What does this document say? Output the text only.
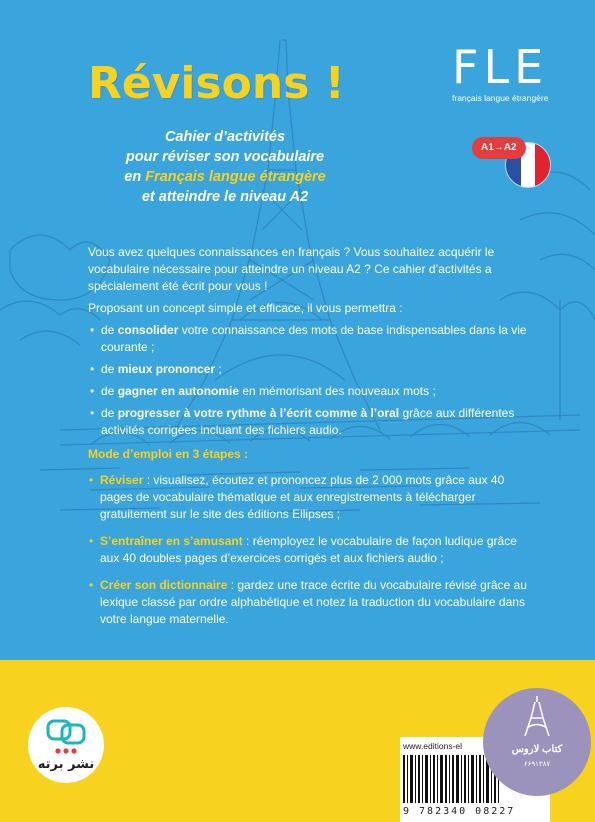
Révisons ! FLE
français langue étrangère
A1→A2
Cahier d’activités
pour réviser son vocabulaire
en Français langue étrangère
et atteindre le niveau A2

Vous avez quelques connaissances en français ? Vous souhaitez acquérir le vocabulaire nécessaire pour atteindre un niveau A2 ? Ce cahier d’activités a spécialement été écrit pour vous !

Proposant un concept simple et efficace, il vous permettra :

• de consolider votre connaissance des mots de base indispensables dans la vie courante ;
• de mieux prononcer ;
• de gagner en autonomie en mémorisant des nouveaux mots ;
• de progresser à votre rythme à l’écrit comme à l’oral grâce aux différentes activités corrigées incluant des fichiers audio.
Mode d’emploi en 3 étapes :
• Réviser : visualisez, écoutez et prononcez plus de 2 000 mots grâce aux 40 pages de vocabulaire thématique et aux enregistrements à télécharger gratuitement sur le site des éditions Ellipses ;
• S’entraîner en s’amusant : réemployez le vocabulaire de façon ludique grâce aux 40 doubles pages d’exercices corrigés et aux fichiers audio ;
• Créer son dictionnaire : gardez une trace écrite du vocabulaire révisé grâce au lexique classé par ordre alphabétique et notez la traduction du vocabulaire dans votre langue maternelle.
نشر برته
www.editions-el
9 782340 08227
کتاب لاروس
۶۶۹۱۳۸۷
